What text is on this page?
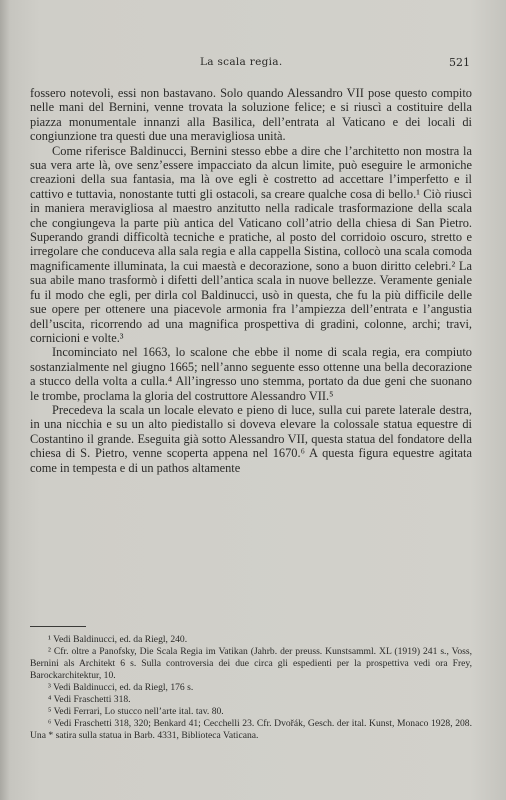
La scala regia.	521

fossero notevoli, essi non bastavano. Solo quando Alessandro VII pose questo compito nelle mani del Bernini, venne trovata la soluzione felice; e si riuscì a costituire della piazza monumentale innanzi alla Basilica, dell’entrata al Vaticano e dei locali di congiunzione tra questi due una meravigliosa unità.

Come riferisce Baldinucci, Bernini stesso ebbe a dire che l’architetto non mostra la sua vera arte là, ove senz’essere impacciato da alcun limite, può eseguire le armoniche creazioni della sua fantasia, ma là ove egli è costretto ad accettare l’imperfetto e il cattivo e tuttavia, nonostante tutti gli ostacoli, sa creare qualche cosa di bello.¹ Ciò riuscì in maniera meravigliosa al maestro anzitutto nella radicale trasformazione della scala che congiungeva la parte più antica del Vaticano coll’atrio della chiesa di San Pietro. Superando grandi difficoltà tecniche e pratiche, al posto del corridoio oscuro, stretto e irregolare che conduceva alla sala regia e alla cappella Sistina, collocò una scala comoda magnificamente illuminata, la cui maestà e decorazione, sono a buon diritto celebri.² La sua abile mano trasformò i difetti dell’antica scala in nuove bellezze. Veramente geniale fu il modo che egli, per dirla col Baldinucci, usò in questa, che fu la più difficile delle sue opere per ottenere una piacevole armonia fra l’ampiezza dell’entrata e l’angustia dell’uscita, ricorrendo ad una magnifica prospettiva di gradini, colonne, archi; travi, cornicioni e volte.³

Incominciato nel 1663, lo scalone che ebbe il nome di scala regia, era compiuto sostanzialmente nel giugno 1665; nell’anno seguente esso ottenne una bella decorazione a stucco della volta a culla.⁴ All’ingresso uno stemma, portato da due geni che suonano le trombe, proclama la gloria del costruttore Alessandro VII.⁵

Precedeva la scala un locale elevato e pieno di luce, sulla cui parete laterale destra, in una nicchia e su un alto piedistallo si doveva elevare la colossale statua equestre di Costantino il grande. Eseguita già sotto Alessandro VII, questa statua del fondatore della chiesa di S. Pietro, venne scoperta appena nel 1670.⁶ A questa figura equestre agitata come in tempesta e di un pathos altamente

¹ Vedi Baldinucci, ed. da Riegl, 240.

² Cfr. oltre a Panofsky, Die Scala Regia im Vatikan (Jahrb. der preuss. Kunstsamml. XL (1919) 241 s., Voss, Bernini als Architekt 6 s. Sulla controversia dei due circa gli espedienti per la prospettiva vedi ora Frey, Barockarchitektur, 10.

³ Vedi Baldinucci, ed. da Riegl, 176 s.

⁴ Vedi Fraschetti 318.

⁵ Vedi Ferrari, Lo stucco nell’arte ital. tav. 80.

⁶ Vedi Fraschetti 318, 320; Benkard 41; Cecchelli 23. Cfr. Dvořák, Gesch. der ital. Kunst, Monaco 1928, 208. Una * satira sulla statua in Barb. 4331, Biblioteca Vaticana.
